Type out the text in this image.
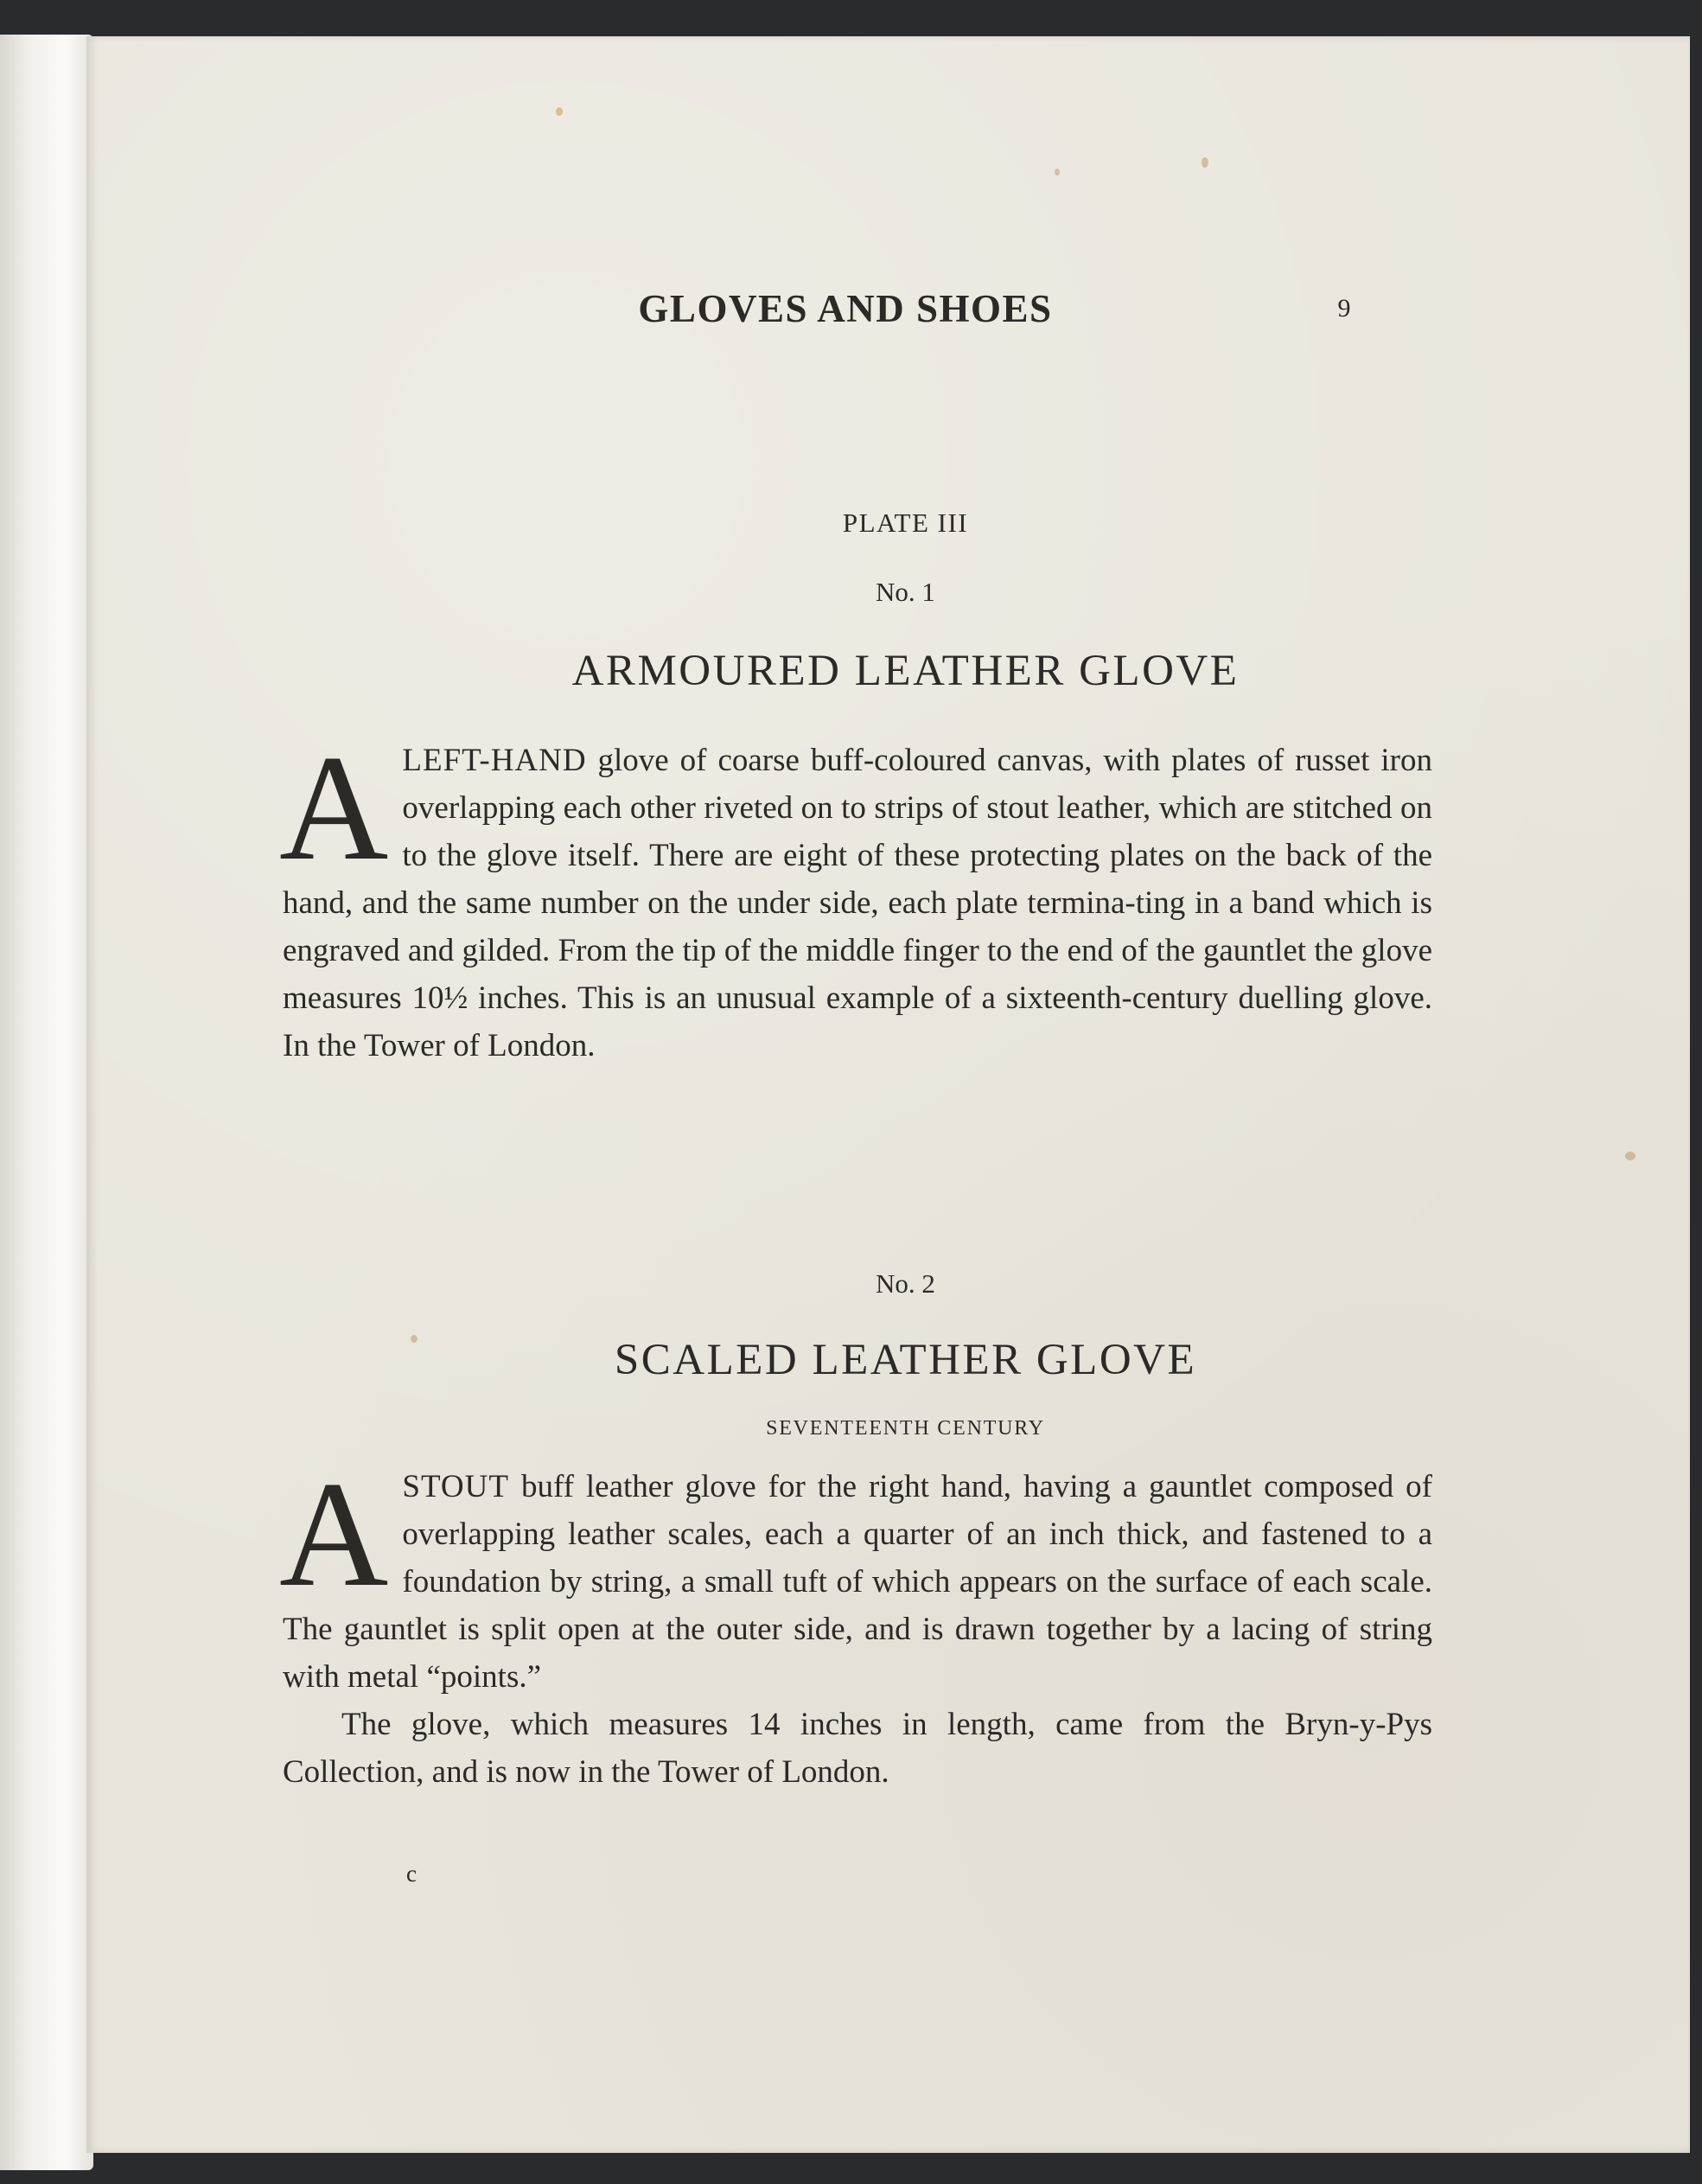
GLOVES AND SHOES	9
PLATE III
No. 1
ARMOURED LEATHER GLOVE

ALEFT-HAND glove of coarse buff-coloured canvas, with plates of russet iron overlapping each other riveted on to strips of stout leather, which are stitched on to the glove itself. There are eight of these protecting plates on the back of the hand, and the same number on the under side, each plate termina-ting in a band which is engraved and gilded. From the tip of the middle finger to the end of the gauntlet the glove measures 10½ inches. This is an unusual example of a sixteenth-century duelling glove. In the Tower of London.

No. 2
SCALED LEATHER GLOVE
SEVENTEENTH CENTURY

ASTOUT buff leather glove for the right hand, having a gauntlet composed of overlapping leather scales, each a quarter of an inch thick, and fastened to a foundation by string, a small tuft of which appears on the surface of each scale. The gauntlet is split open at the outer side, and is drawn together by a lacing of string with metal “points.”

The glove, which measures 14 inches in length, came from the Bryn-y-Pys Collection, and is now in the Tower of London.

c
